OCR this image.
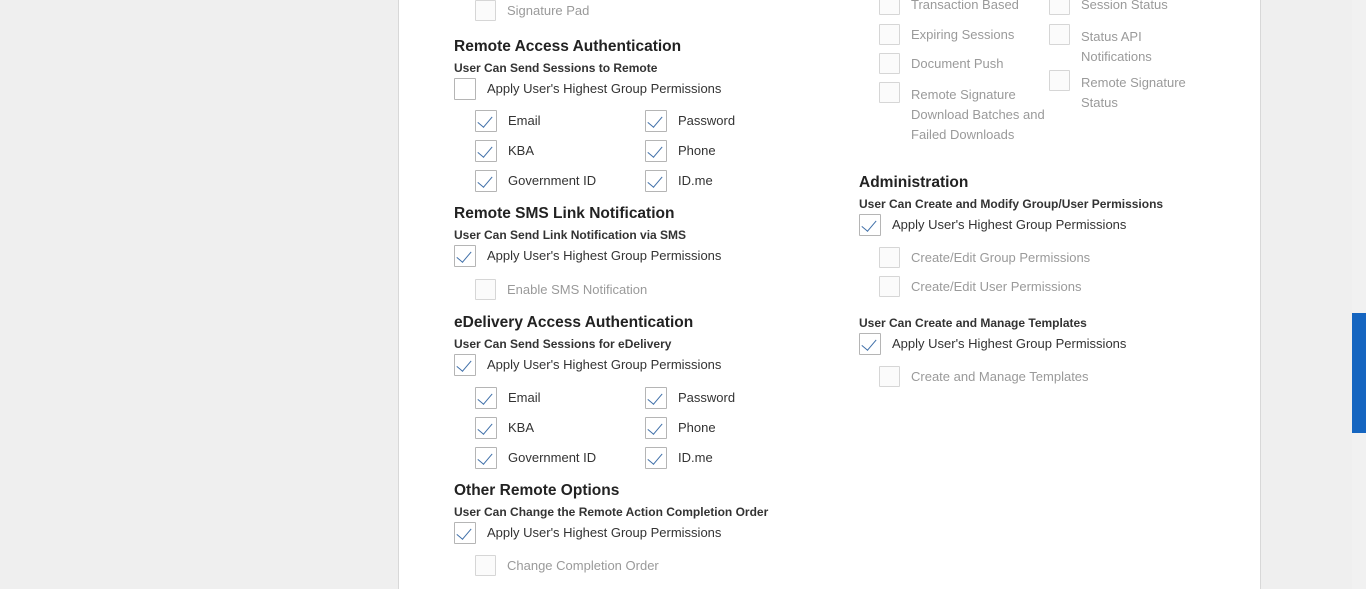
Signature Pad
Remote Access Authentication
User Can Send Sessions to Remote
Apply User's Highest Group Permissions
Email	Password
KBA	Phone
Government ID	ID.me
Remote SMS Link Notification
User Can Send Link Notification via SMS
Apply User's Highest Group Permissions
Enable SMS Notification
eDelivery Access Authentication
User Can Send Sessions for eDelivery
Apply User's Highest Group Permissions
Email	Password
KBA	Phone
Government ID	ID.me
Other Remote Options
User Can Change the Remote Action Completion Order
Apply User's Highest Group Permissions
Change Completion Order
Transaction Based
Expiring Sessions
Document Push
Remote Signature Download Batches and Failed Downloads
Session Status
Status API Notifications
Remote Signature Status
Administration
User Can Create and Modify Group/User Permissions
Apply User's Highest Group Permissions
Create/Edit Group Permissions
Create/Edit User Permissions
User Can Create and Manage Templates
Apply User's Highest Group Permissions
Create and Manage Templates
